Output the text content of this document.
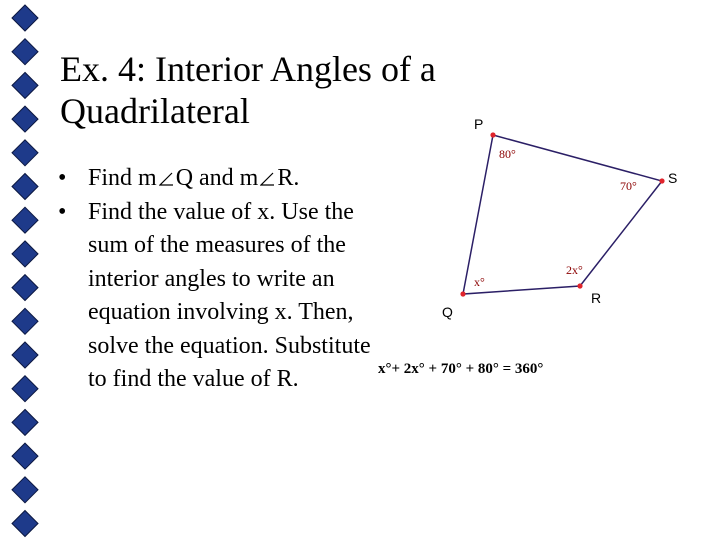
Ex. 4: Interior Angles of a Quadrilateral
• Find m Q and m R.
• Find the value of x. Use the sum of the measures of the interior angles to write an equation involving x. Then, solve the equation. Substitute to find the value of R.
P
S
R
Q
80°
70°
2x°
x°
x°+ 2x° + 70° + 80° = 360°
